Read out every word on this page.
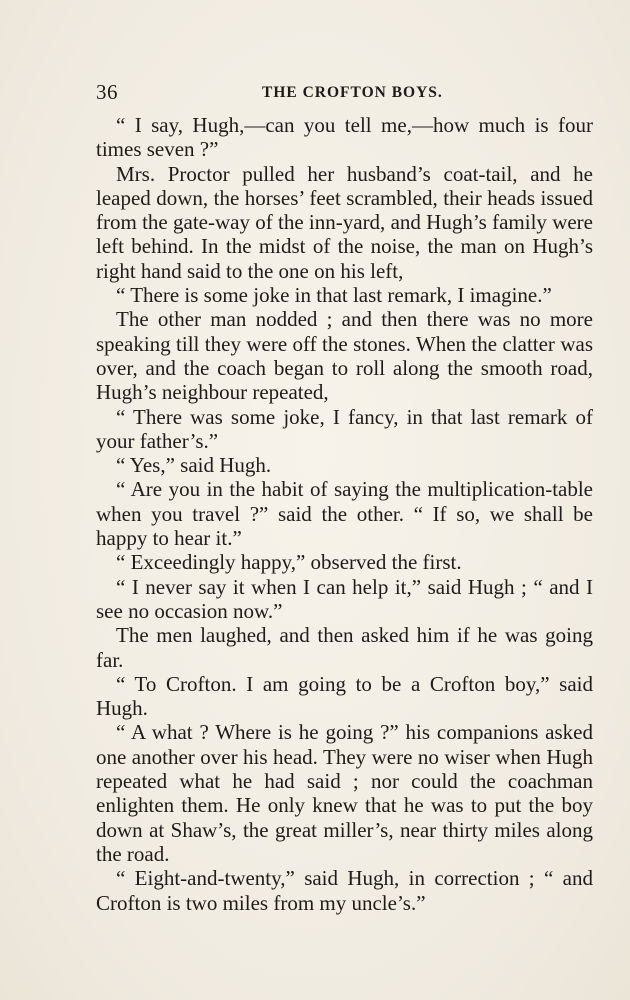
36	THE CROFTON BOYS.

“ I say, Hugh,—can you tell me,—how much is four times seven ?”

Mrs. Proctor pulled her husband’s coat-tail, and he leaped down, the horses’ feet scrambled, their heads issued from the gate-way of the inn-yard, and Hugh’s family were left behind. In the midst of the noise, the man on Hugh’s right hand said to the one on his left,

“ There is some joke in that last remark, I imagine.”

The other man nodded ; and then there was no more speaking till they were off the stones. When the clatter was over, and the coach began to roll along the smooth road, Hugh’s neighbour repeated,

“ There was some joke, I fancy, in that last remark of your father’s.”

“ Yes,” said Hugh.

“ Are you in the habit of saying the multiplication-table when you travel ?” said the other. “ If so, we shall be happy to hear it.”

“ Exceedingly happy,” observed the first.

“ I never say it when I can help it,” said Hugh ; “ and I see no occasion now.”

The men laughed, and then asked him if he was going far.

“ To Crofton. I am going to be a Crofton boy,” said Hugh.

“ A what ? Where is he going ?” his companions asked one another over his head. They were no wiser when Hugh repeated what he had said ; nor could the coachman enlighten them. He only knew that he was to put the boy down at Shaw’s, the great miller’s, near thirty miles along the road.

“ Eight-and-twenty,” said Hugh, in correction ; “ and Crofton is two miles from my uncle’s.”
